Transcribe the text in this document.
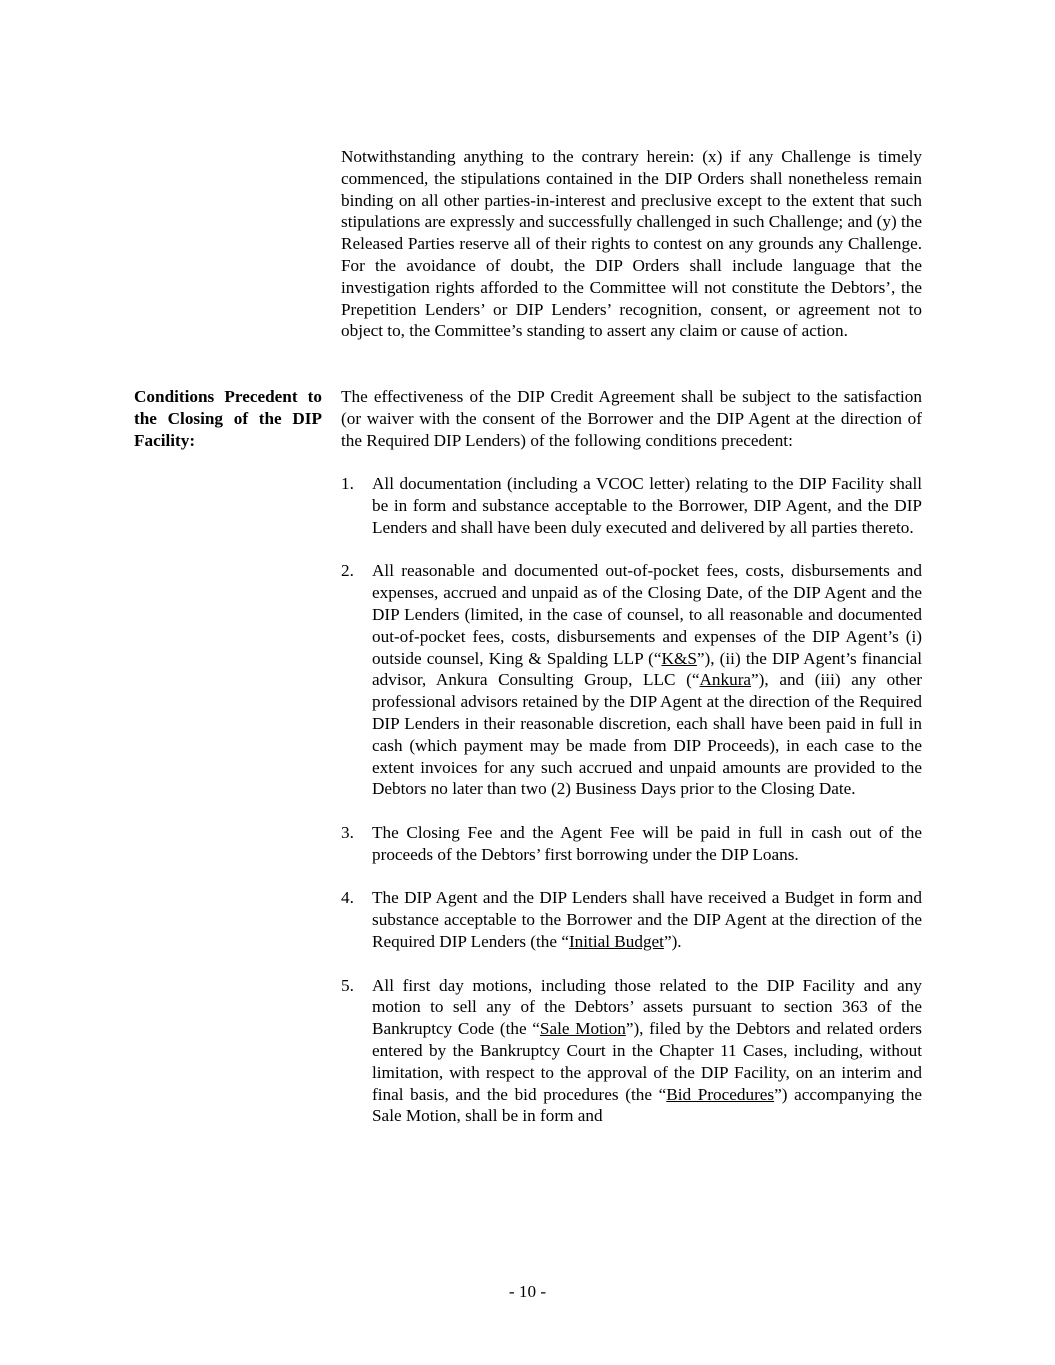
Notwithstanding anything to the contrary herein: (x) if any Challenge is timely commenced, the stipulations contained in the DIP Orders shall nonetheless remain binding on all other parties-in-interest and preclusive except to the extent that such stipulations are expressly and successfully challenged in such Challenge; and (y) the Released Parties reserve all of their rights to contest on any grounds any Challenge. For the avoidance of doubt, the DIP Orders shall include language that the investigation rights afforded to the Committee will not constitute the Debtors’, the Prepetition Lenders’ or DIP Lenders’ recognition, consent, or agreement not to object to, the Committee’s standing to assert any claim or cause of action.

Conditions Precedent to the Closing of the DIP Facility:

The effectiveness of the DIP Credit Agreement shall be subject to the satisfaction (or waiver with the consent of the Borrower and the DIP Agent at the direction of the Required DIP Lenders) of the following conditions precedent:

1.	All documentation (including a VCOC letter) relating to the DIP Facility shall be in form and substance acceptable to the Borrower, DIP Agent, and the DIP Lenders and shall have been duly executed and delivered by all parties thereto.
2.	All reasonable and documented out-of-pocket fees, costs, disbursements and expenses, accrued and unpaid as of the Closing Date, of the DIP Agent and the DIP Lenders (limited, in the case of counsel, to all reasonable and documented out-of-pocket fees, costs, disbursements and expenses of the DIP Agent’s (i) outside counsel, King & Spalding LLP (“K&S”), (ii) the DIP Agent’s financial advisor, Ankura Consulting Group, LLC (“Ankura”), and (iii) any other professional advisors retained by the DIP Agent at the direction of the Required DIP Lenders in their reasonable discretion, each shall have been paid in full in cash (which payment may be made from DIP Proceeds), in each case to the extent invoices for any such accrued and unpaid amounts are provided to the Debtors no later than two (2) Business Days prior to the Closing Date.
3.	The Closing Fee and the Agent Fee will be paid in full in cash out of the proceeds of the Debtors’ first borrowing under the DIP Loans.
4.	The DIP Agent and the DIP Lenders shall have received a Budget in form and substance acceptable to the Borrower and the DIP Agent at the direction of the Required DIP Lenders (the “Initial Budget”).
5.	All first day motions, including those related to the DIP Facility and any motion to sell any of the Debtors’ assets pursuant to section 363 of the Bankruptcy Code (the “Sale Motion”), filed by the Debtors and related orders entered by the Bankruptcy Court in the Chapter 11 Cases, including, without limitation, with respect to the approval of the DIP Facility, on an interim and final basis, and the bid procedures (the “Bid Procedures”) accompanying the Sale Motion, shall be in form and

- 10 -
